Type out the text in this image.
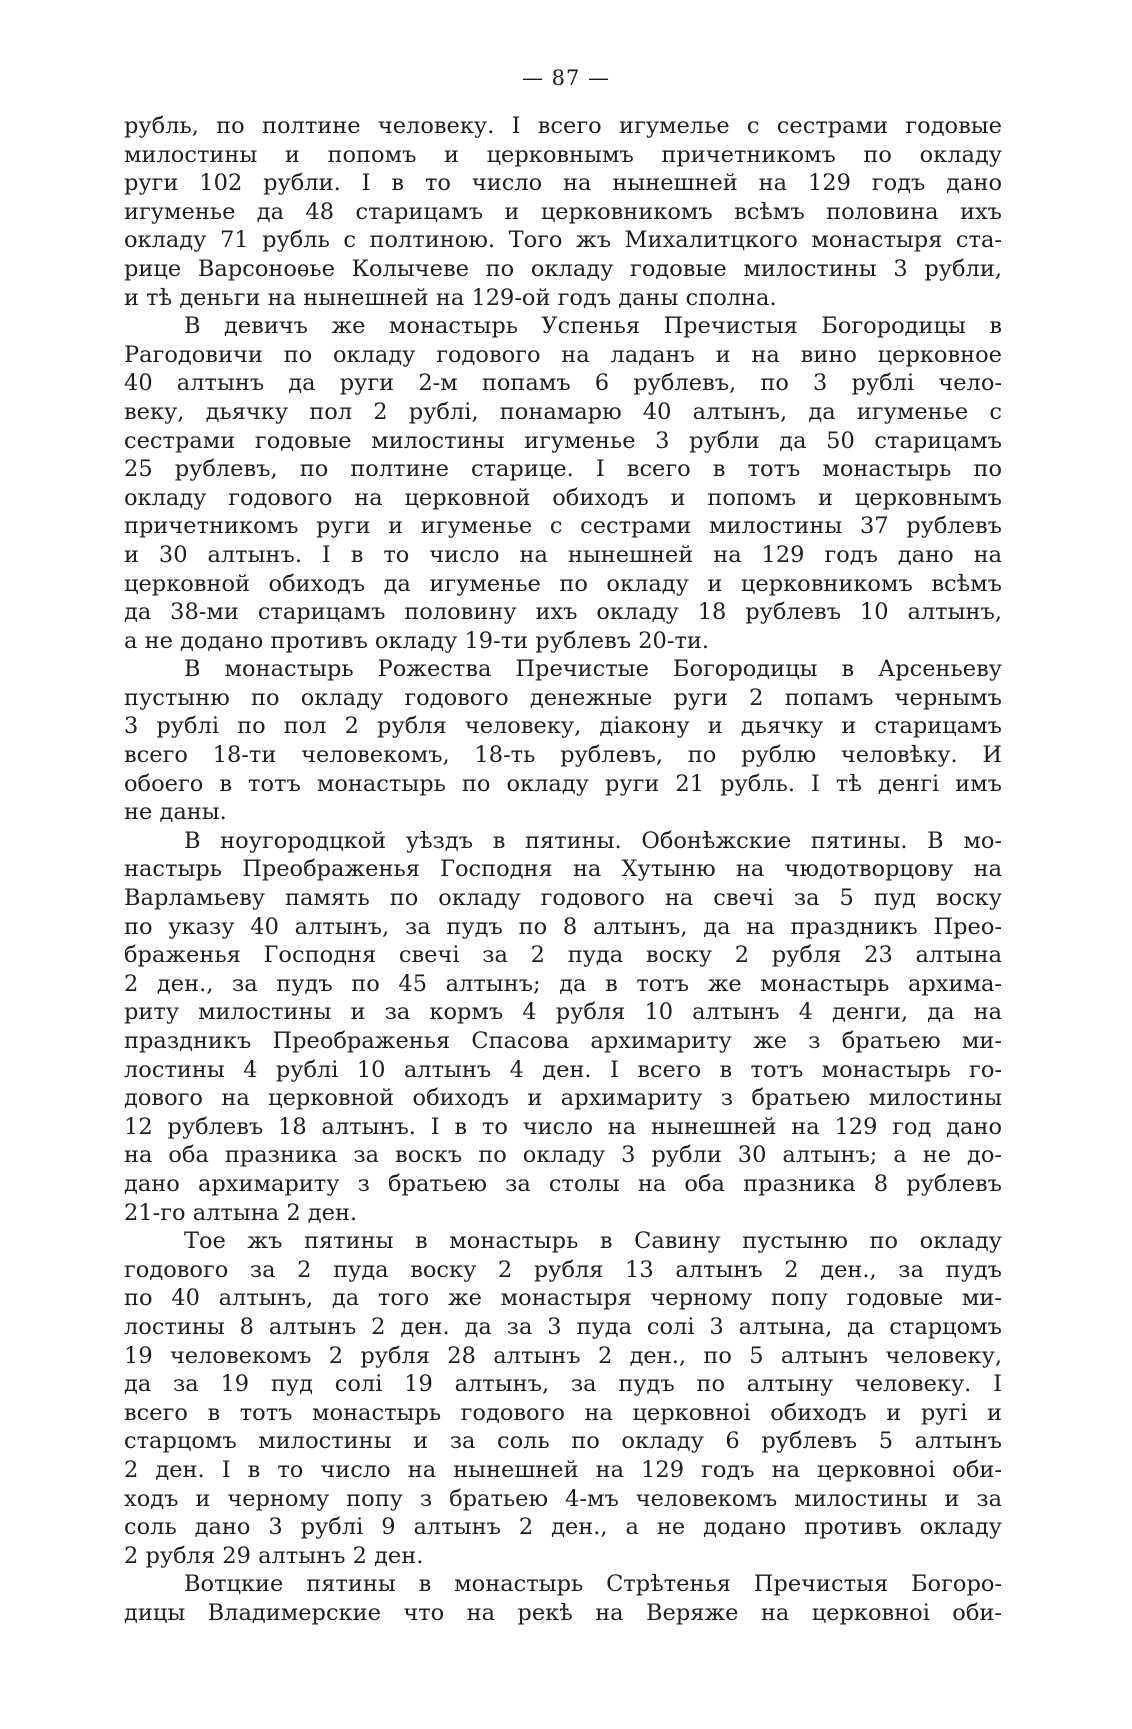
— 87 —
рубль, по полтине человеку. І всего игумелье с сестрами годовые
милостины и попомъ и церковнымъ причетникомъ по окладу
руги 102 рубли. І в то число на нынешней на 129 годъ дано
игуменье да 48 старицамъ и церковникомъ всѣмъ половина ихъ
окладу 71 рубль с полтиною. Того жъ Михалитцкого монастыря ста-
рице Варсоноѳье Колычеве по окладу годовые милостины 3 рубли,
и тѣ деньги на нынешней на 129-ой годъ даны сполна.
В девичъ же монастырь Успенья Пречистыя Богородицы в
Рагодовичи по окладу годового на ладанъ и на вино церковное
40 алтынъ да руги 2-м попамъ 6 рублевъ, по 3 рублі чело-
веку, дьячку пол 2 рублі, понамарю 40 алтынъ, да игуменье с
сестрами годовые милостины игуменье 3 рубли да 50 старицамъ
25 рублевъ, по полтине старице. І всего в тотъ монастырь по
окладу годового на церковной обиходъ и попомъ и церковнымъ
причетникомъ руги и игуменье с сестрами милостины 37 рублевъ
и 30 алтынъ. І в то число на нынешней на 129 годъ дано на
церковной обиходъ да игуменье по окладу и церковникомъ всѣмъ
да 38-ми старицамъ половину ихъ окладу 18 рублевъ 10 алтынъ,
а не додано противъ окладу 19-ти рублевъ 20-ти.
В монастырь Рожества Пречистые Богородицы в Арсеньеву
пустыню по окладу годового денежные руги 2 попамъ чернымъ
3 рублі по пол 2 рубля человеку, діакону и дьячку и старицамъ
всего 18-ти человекомъ, 18-ть рублевъ, по рублю человѣку. И
обоего в тотъ монастырь по окладу руги 21 рубль. І тѣ денгі имъ
не даны.
В ноугородцкой уѣздъ в пятины. Обонѣжские пятины. В мо-
настырь Преображенья Господня на Хутыню на чюдотворцову на
Варламьеву память по окладу годового на свечі за 5 пуд воску
по указу 40 алтынъ, за пудъ по 8 алтынъ, да на праздникъ Прео-
браженья Господня свечі за 2 пуда воску 2 рубля 23 алтына
2 ден., за пудъ по 45 алтынъ; да в тотъ же монастырь архима-
риту милостины и за кормъ 4 рубля 10 алтынъ 4 денги, да на
праздникъ Преображенья Спасова архимариту же з братьею ми-
лостины 4 рублі 10 алтынъ 4 ден. І всего в тотъ монастырь го-
дового на церковной обиходъ и архимариту з братьею милостины
12 рублевъ 18 алтынъ. І в то число на нынешней на 129 год дано
на оба празника за воскъ по окладу 3 рубли 30 алтынъ; а не до-
дано архимариту з братьею за столы на оба празника 8 рублевъ
21-го алтына 2 ден.
Тое жъ пятины в монастырь в Савину пустыню по окладу
годового за 2 пуда воску 2 рубля 13 алтынъ 2 ден., за пудъ
по 40 алтынъ, да того же монастыря черному попу годовые ми-
лостины 8 алтынъ 2 ден. да за 3 пуда солі 3 алтына, да старцомъ
19 человекомъ 2 рубля 28 алтынъ 2 ден., по 5 алтынъ человеку,
да за 19 пуд солі 19 алтынъ, за пудъ по алтыну человеку. І
всего в тотъ монастырь годового на церковноі обиходъ и ругі и
старцомъ милостины и за соль по окладу 6 рублевъ 5 алтынъ
2 ден. І в то число на нынешней на 129 годъ на церковноі оби-
ходъ и черному попу з братьею 4-мъ человекомъ милостины и за
соль дано 3 рублі 9 алтынъ 2 ден., а не додано противъ окладу
2 рубля 29 алтынъ 2 ден.
Вотцкие пятины в монастырь Стрѣтенья Пречистыя Богоро-
дицы Владимерские что на рекѣ на Веряже на церковноі оби-
